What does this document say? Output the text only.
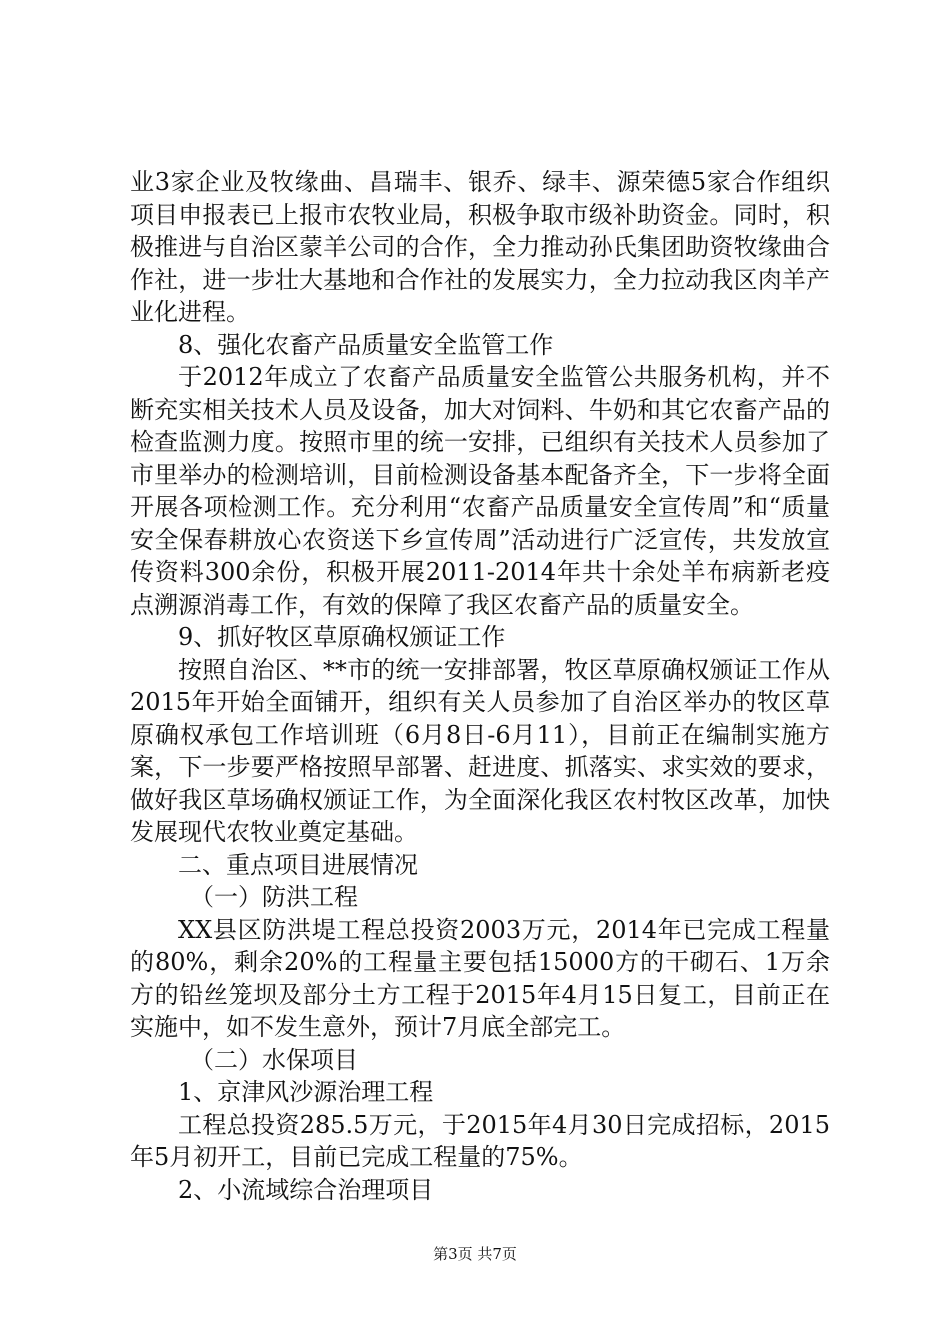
业3家企业及牧缘曲、昌瑞丰、银乔、绿丰、源荣德5家合作组织项目申报表已上报市农牧业局，积极争取市级补助资金。同时，积极推进与自治区蒙羊公司的合作，全力推动孙氏集团助资牧缘曲合作社，进一步壮大基地和合作社的发展实力，全力拉动我区肉羊产业化进程。

8、强化农畜产品质量安全监管工作

于2012年成立了农畜产品质量安全监管公共服务机构，并不断充实相关技术人员及设备，加大对饲料、牛奶和其它农畜产品的检查监测力度。按照市里的统一安排，已组织有关技术人员参加了市里举办的检测培训，目前检测设备基本配备齐全，下一步将全面开展各项检测工作。充分利用“农畜产品质量安全宣传周”和“质量安全保春耕放心农资送下乡宣传周”活动进行广泛宣传，共发放宣传资料300余份，积极开展2011-2014年共十余处羊布病新老疫点溯源消毒工作，有效的保障了我区农畜产品的质量安全。

9、抓好牧区草原确权颁证工作

按照自治区、**市的统一安排部署，牧区草原确权颁证工作从2015年开始全面铺开，组织有关人员参加了自治区举办的牧区草原确权承包工作培训班（6月8日-6月11），目前正在编制实施方案，下一步要严格按照早部署、赶进度、抓落实、求实效的要求，做好我区草场确权颁证工作，为全面深化我区农村牧区改革，加快发展现代农牧业奠定基础。

二、重点项目进展情况

（一）防洪工程

XX县区防洪堤工程总投资2003万元，2014年已完成工程量的80%，剩余20%的工程量主要包括15000方的干砌石、1万余方的铅丝笼坝及部分土方工程于2015年4月15日复工，目前正在实施中，如不发生意外，预计7月底全部完工。

（二）水保项目

1、京津风沙源治理工程

工程总投资285.5万元，于2015年4月30日完成招标，2015年5月初开工，目前已完成工程量的75%。

2、小流域综合治理项目

第3页 共7页
